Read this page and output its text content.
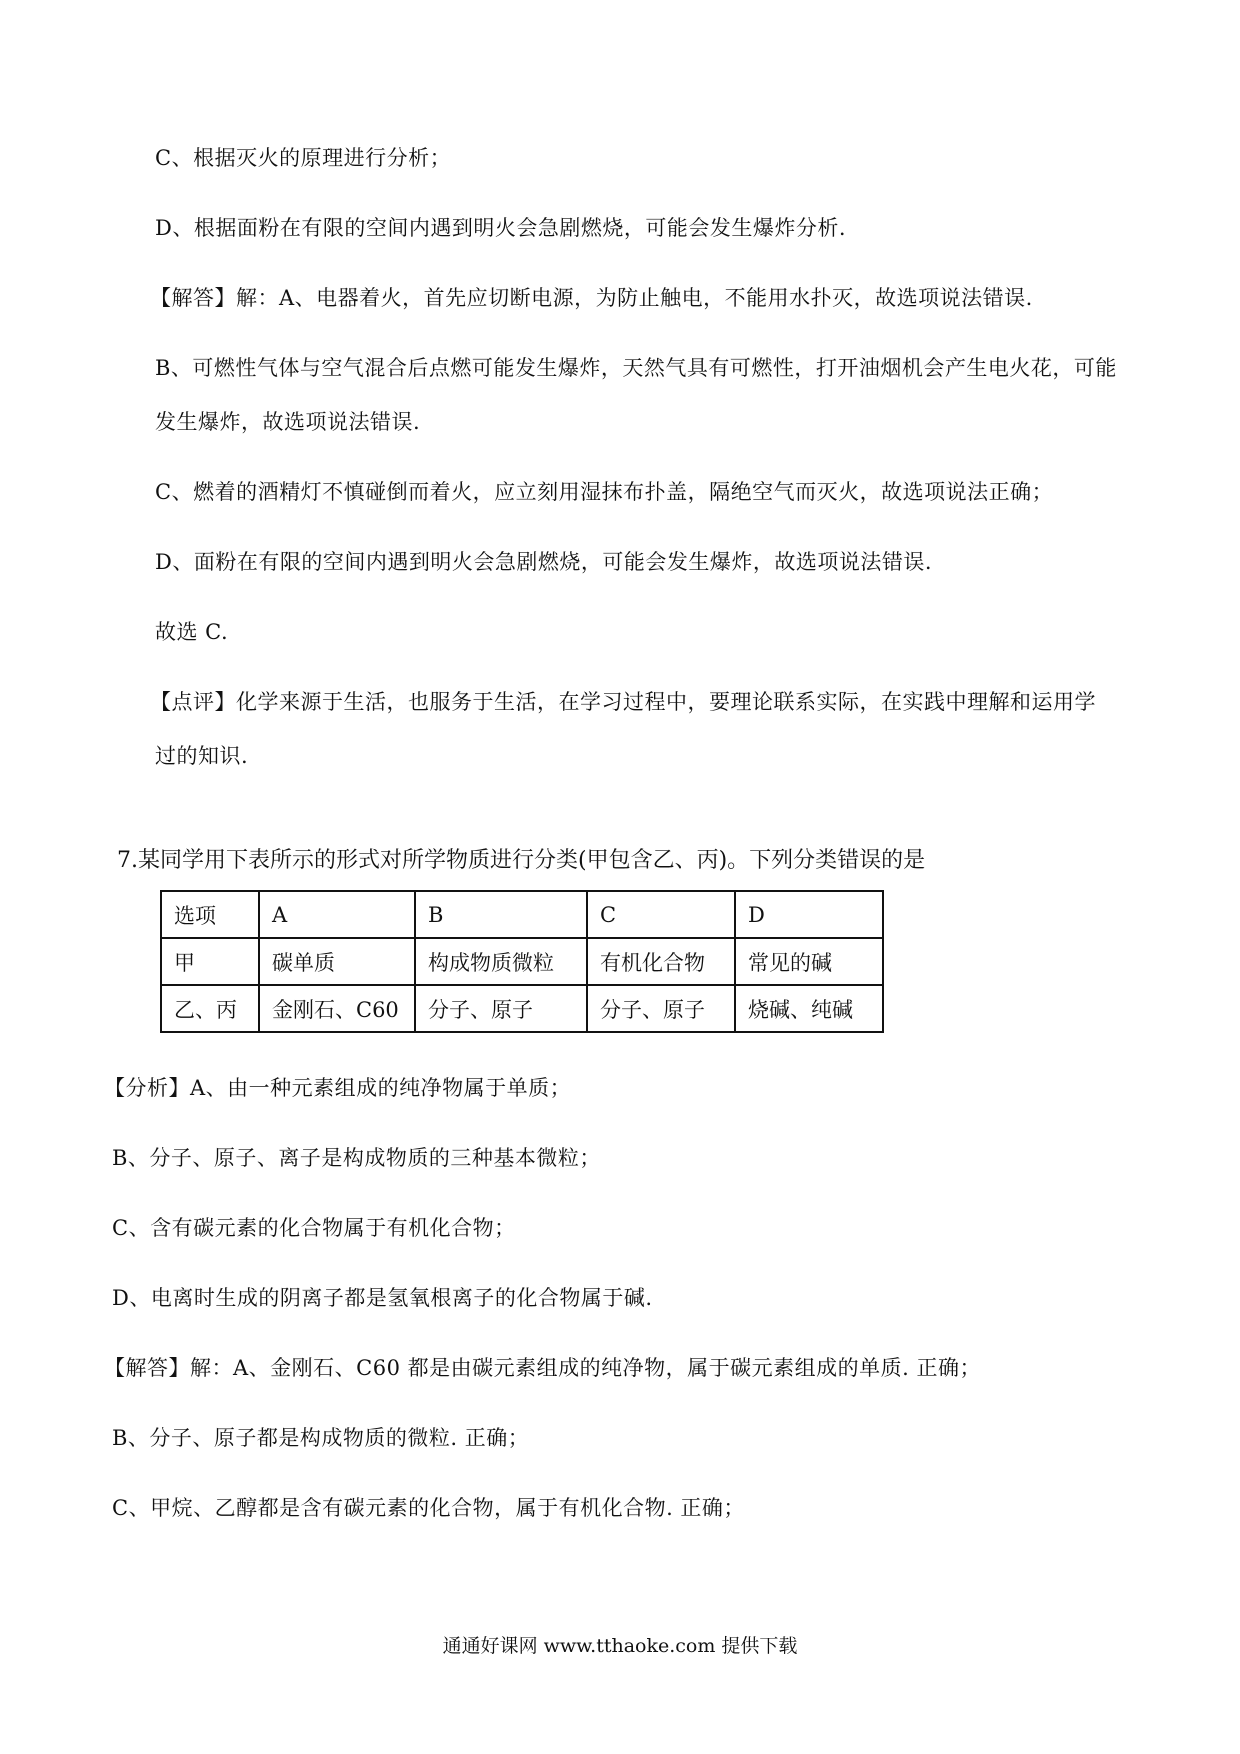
C、根据灭火的原理进行分析；
D、根据面粉在有限的空间内遇到明火会急剧燃烧，可能会发生爆炸分析.
【解答】解：A、电器着火，首先应切断电源，为防止触电，不能用水扑灭，故选项说法错误.
B、可燃性气体与空气混合后点燃可能发生爆炸，天然气具有可燃性，打开油烟机会产生电火花，可能
发生爆炸，故选项说法错误.
C、燃着的酒精灯不慎碰倒而着火，应立刻用湿抹布扑盖，隔绝空气而灭火，故选项说法正确；
D、面粉在有限的空间内遇到明火会急剧燃烧，可能会发生爆炸，故选项说法错误.
故选 C.
【点评】化学来源于生活，也服务于生活，在学习过程中，要理论联系实际，在实践中理解和运用学
过的知识.
7.某同学用下表所示的形式对所学物质进行分类(甲包含乙、丙)。下列分类错误的是
选项	A	B	C	D
甲	碳单质	构成物质微粒	有机化合物	常见的碱
乙、丙	金刚石、C60	分子、原子	分子、原子	烧碱、纯碱
【分析】A、由一种元素组成的纯净物属于单质；
B、分子、原子、离子是构成物质的三种基本微粒；
C、含有碳元素的化合物属于有机化合物；
D、电离时生成的阴离子都是氢氧根离子的化合物属于碱.
【解答】解：A、金刚石、C60 都是由碳元素组成的纯净物，属于碳元素组成的单质. 正确；
B、分子、原子都是构成物质的微粒. 正确；
C、甲烷、乙醇都是含有碳元素的化合物，属于有机化合物. 正确；
通通好课网 www.tthaoke.com 提供下载
